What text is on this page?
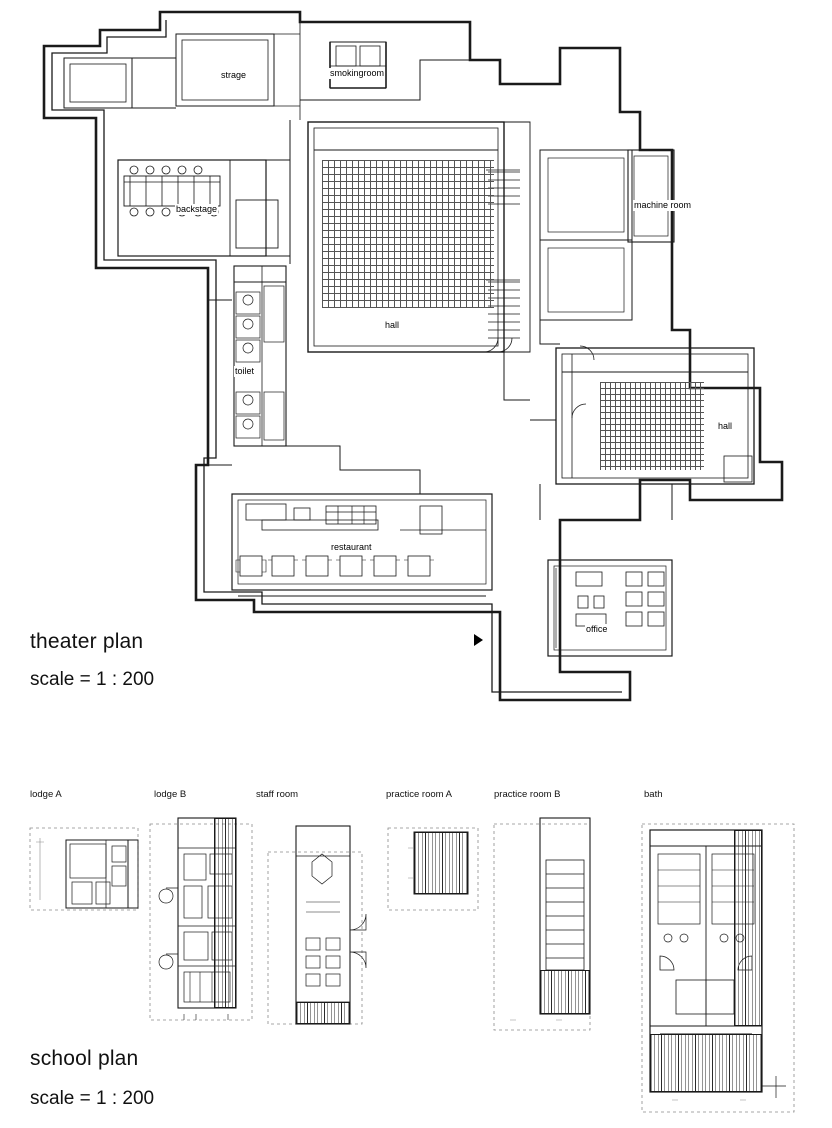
strage	smokingroom
backstage	machine room
hall
hall
toilet
restaurant
office
theater plan
scale = 1 : 200
lodge A	lodge B	staff room	practice room A	practice room B	bath
school plan
scale = 1 : 200
